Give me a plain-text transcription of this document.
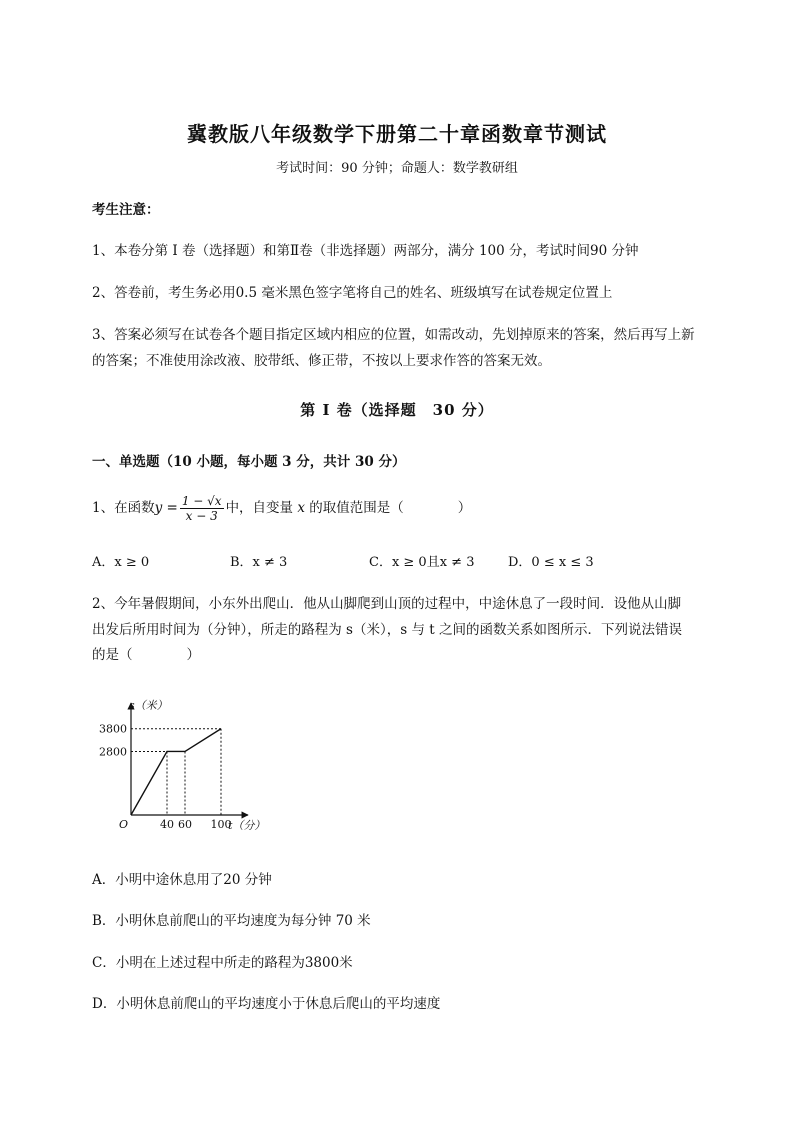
冀教版八年级数学下册第二十章函数章节测试
考试时间：90 分钟；命题人：数学教研组
考生注意：
1、本卷分第 I 卷（选择题）和第Ⅱ卷（非选择题）两部分，满分 100 分，考试时间90 分钟
2、答卷前，考生务必用0.5 毫米黑色签字笔将自己的姓名、班级填写在试卷规定位置上
3、答案必须写在试卷各个题目指定区域内相应的位置，如需改动，先划掉原来的答案，然后再写上新
的答案；不准使用涂改液、胶带纸、修正带，不按以上要求作答的答案无效。
第 I 卷（选择题　30 分）
一、单选题（10 小题，每小题 3 分，共计 30 分）
1、在函数$y = \frac{1 - √x}{x - 3}$ 中，自变量 x 的取值范围是（　　　　）
A．x ≥ 0	B．x ≠ 3	C．x ≥ 0且x ≠ 3	D．0 ≤ x ≤ 3
2、今年暑假期间，小东外出爬山．他从山脚爬到山顶的过程中，中途休息了一段时间．设他从山脚
出发后所用时间为（分钟），所走的路程为 s（米），s 与 t 之间的函数关系如图所示．下列说法错误
的是（　　　　）
40 60 100
2800
3800
O	t（分）
s（米）
A．小明中途休息用了20 分钟
B．小明休息前爬山的平均速度为每分钟 70 米
C．小明在上述过程中所走的路程为3800米
D．小明休息前爬山的平均速度小于休息后爬山的平均速度
